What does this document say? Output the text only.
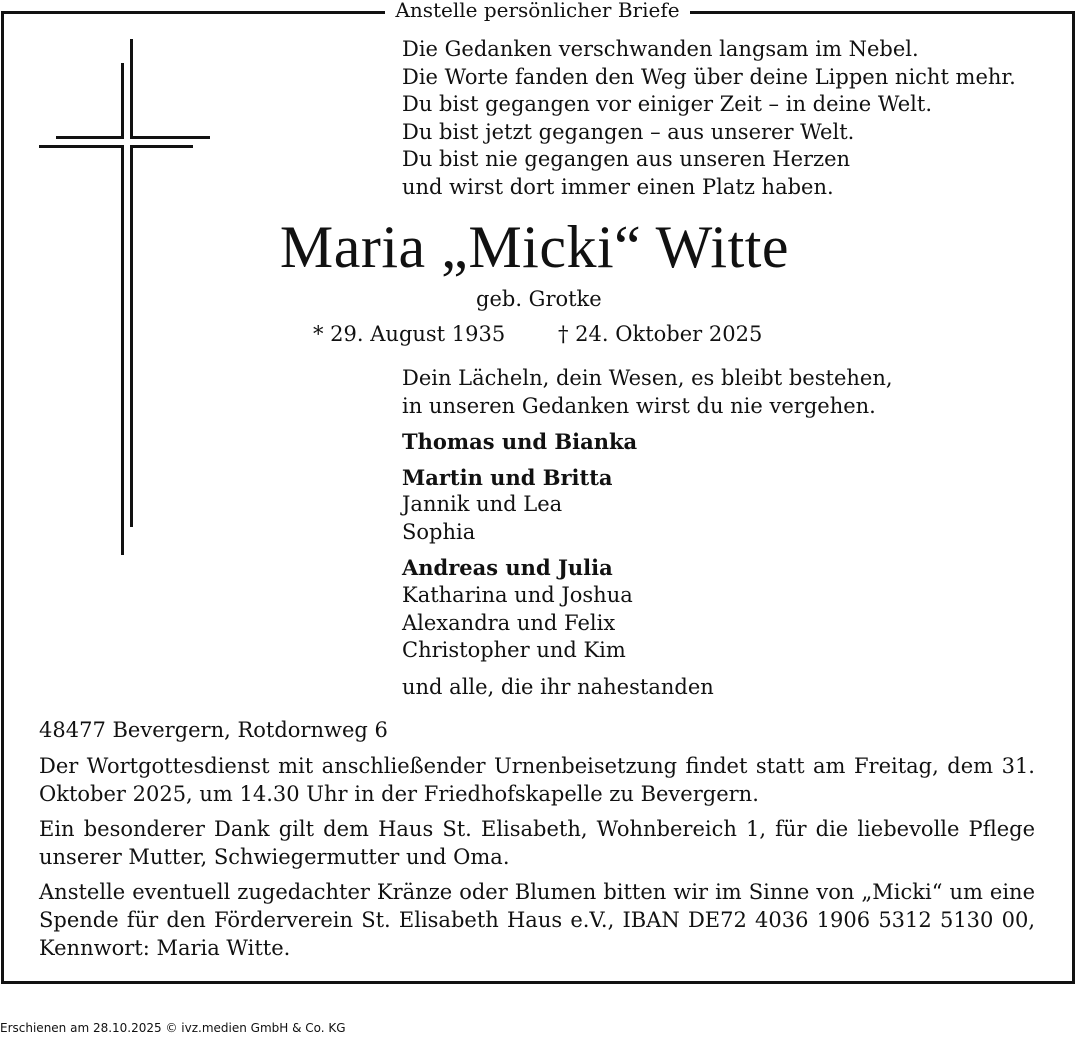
Anstelle persönlicher Briefe
Die Gedanken verschwanden langsam im Nebel.
Die Worte fanden den Weg über deine Lippen nicht mehr.
Du bist gegangen vor einiger Zeit – in deine Welt.
Du bist jetzt gegangen – aus unserer Welt.
Du bist nie gegangen aus unseren Herzen
und wirst dort immer einen Platz haben.
Maria „Micki“ Witte
geb. Grotke
* 29. August 1935	† 24. Oktober 2025
Dein Lächeln, dein Wesen, es bleibt bestehen,
in unseren Gedanken wirst du nie vergehen.
Thomas und Bianka
Martin und Britta
Jannik und Lea
Sophia
Andreas und Julia
Katharina und Joshua
Alexandra und Felix
Christopher und Kim
und alle, die ihr nahestanden
48477 Bevergern, Rotdornweg 6

Der Wortgottesdienst mit anschließender Urnenbeisetzung findet statt am Freitag, dem 31. Oktober 2025, um 14.30 Uhr in der Friedhofskapelle zu Bevergern.

Ein besonderer Dank gilt dem Haus St. Elisabeth, Wohnbereich 1, für die liebevolle Pflege unserer Mutter, Schwiegermutter und Oma.

Anstelle eventuell zugedachter Kränze oder Blumen bitten wir im Sinne von „Micki“ um eine Spende für den Förderverein St. Elisabeth Haus e.V., IBAN DE72 4036 1906 5312 5130 00, Kennwort: Maria Witte.

Erschienen am 28.10.2025 © ivz.medien GmbH & Co. KG
